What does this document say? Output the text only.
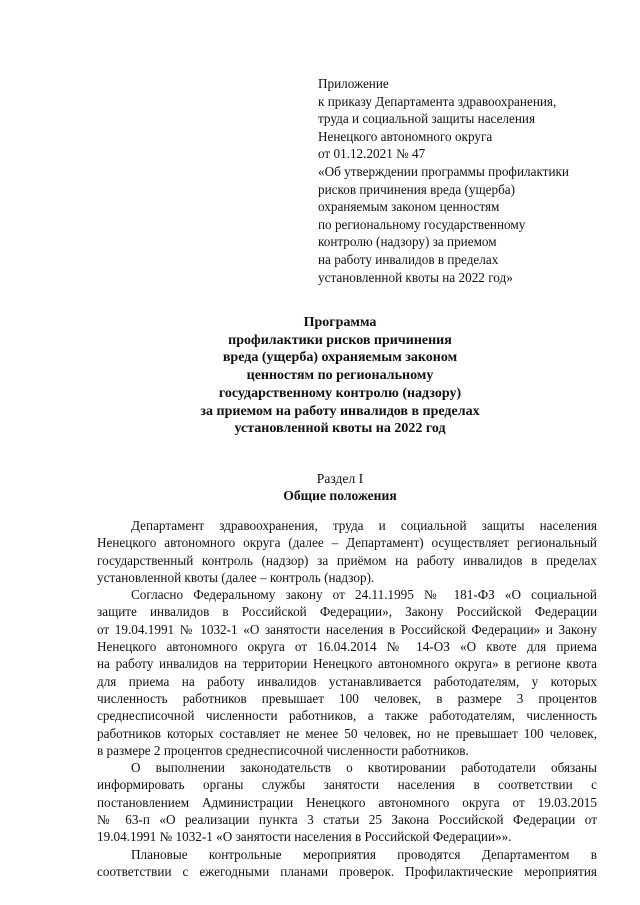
Приложение
к приказу Департамента здравоохранения,
труда и социальной защиты населения
Ненецкого автономного округа
от 01.12.2021 № 47
«Об утверждении программы профилактики
рисков причинения вреда (ущерба)
охраняемым законом ценностям
по региональному государственному
контролю (надзору) за приемом
на работу инвалидов в пределах
установленной квоты на 2022 год»
Программа
профилактики рисков причинения
вреда (ущерба) охраняемым законом
ценностям по региональному
государственному контролю (надзору)
за приемом на работу инвалидов в пределах
установленной квоты на 2022 год
Раздел I
Общие положения
Департамент здравоохранения, труда и социальной защиты населения
Ненецкого автономного округа (далее – Департамент) осуществляет региональный
государственный контроль (надзор) за приёмом на работу инвалидов в пределах
установленной квоты (далее – контроль (надзор).
Согласно Федеральному закону от 24.11.1995 № 181-ФЗ «О социальной
защите инвалидов в Российской Федерации», Закону Российской Федерации
от 19.04.1991 № 1032-1 «О занятости населения в Российской Федерации» и Закону
Ненецкого автономного округа от 16.04.2014 № 14-ОЗ «О квоте для приема
на работу инвалидов на территории Ненецкого автономного округа» в регионе квота
для приема на работу инвалидов устанавливается работодателям, у которых
численность работников превышает 100 человек, в размере 3 процентов
среднесписочной численности работников, а также работодателям, численность
работников которых составляет не менее 50 человек, но не превышает 100 человек,
в размере 2 процентов среднесписочной численности работников.
О выполнении законодательств о квотировании работодатели обязаны
информировать органы службы занятости населения в соответствии с
постановлением Администрации Ненецкого автономного округа от 19.03.2015
№ 63-п «О реализации пункта 3 статьи 25 Закона Российской Федерации от
19.04.1991 № 1032-1 «О занятости населения в Российской Федерации»».
Плановые контрольные мероприятия проводятся Департаментом в
соответствии с ежегодными планами проверок. Профилактические мероприятия
